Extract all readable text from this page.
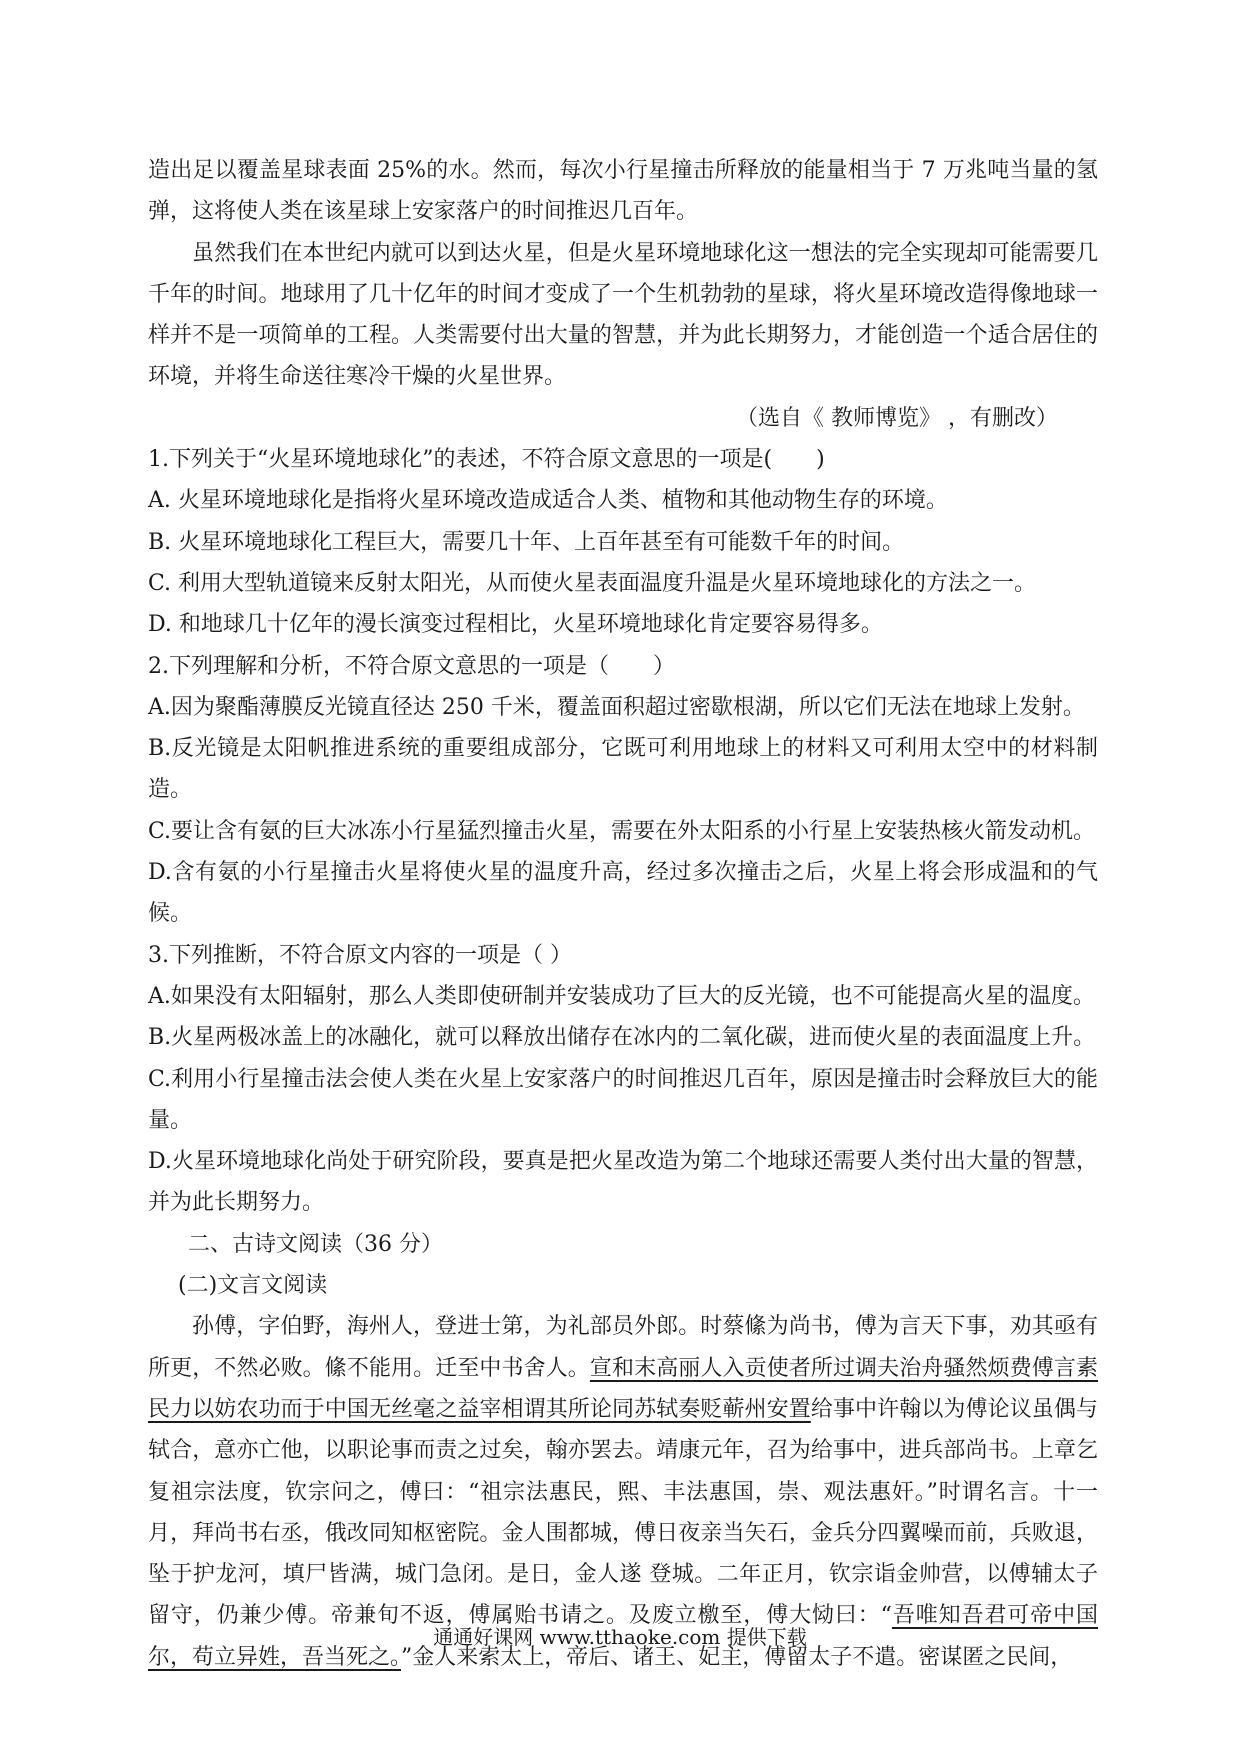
造出足以覆盖星球表面 25%的水。然而，每次小行星撞击所释放的能量相当于 7 万兆吨当量的氢弹，这将使人类在该星球上安家落户的时间推迟几百年。

虽然我们在本世纪内就可以到达火星，但是火星环境地球化这一想法的完全实现却可能需要几千年的时间。地球用了几十亿年的时间才变成了一个生机勃勃的星球，将火星环境改造得像地球一样并不是一项简单的工程。人类需要付出大量的智慧，并为此长期努力，才能创造一个适合居住的环境，并将生命送往寒冷干燥的火星世界。

（选自《 教师博览》 ，有删改）

1.下列关于“火星环境地球化”的表述，不符合原文意思的一项是(　　)

A. 火星环境地球化是指将火星环境改造成适合人类、植物和其他动物生存的环境。

B. 火星环境地球化工程巨大，需要几十年、上百年甚至有可能数千年的时间。

C. 利用大型轨道镜来反射太阳光，从而使火星表面温度升温是火星环境地球化的方法之一。

D. 和地球几十亿年的漫长演变过程相比，火星环境地球化肯定要容易得多。

2.下列理解和分析，不符合原文意思的一项是（　　）

A.因为聚酯薄膜反光镜直径达 250 千米，覆盖面积超过密歇根湖，所以它们无法在地球上发射。

B.反光镜是太阳帆推进系统的重要组成部分，它既可利用地球上的材料又可利用太空中的材料制造。

C.要让含有氨的巨大冰冻小行星猛烈撞击火星，需要在外太阳系的小行星上安装热核火箭发动机。

D.含有氨的小行星撞击火星将使火星的温度升高，经过多次撞击之后，火星上将会形成温和的气候。

3.下列推断，不符合原文内容的一项是（ ）

A.如果没有太阳辐射，那么人类即使研制并安装成功了巨大的反光镜，也不可能提高火星的温度。

B.火星两极冰盖上的冰融化，就可以释放出储存在冰内的二氧化碳，进而使火星的表面温度上升。

C.利用小行星撞击法会使人类在火星上安家落户的时间推迟几百年，原因是撞击时会释放巨大的能量。

D.火星环境地球化尚处于研究阶段，要真是把火星改造为第二个地球还需要人类付出大量的智慧，并为此长期努力。

二、古诗文阅读（36 分）

(二)文言文阅读

孙傅，字伯野，海州人，登进士第，为礼部员外郎。时蔡絛为尚书，傅为言天下事，劝其亟有所更，不然必败。絛不能用。迁至中书舍人。宣和末高丽人入贡使者所过调夫治舟骚然烦费傅言素民力以妨农功而于中国无丝毫之益宰相谓其所论同苏轼奏贬蕲州安置给事中许翰以为傅论议虽偶与轼合，意亦亡他，以职论事而责之过矣，翰亦罢去。靖康元年，召为给事中，进兵部尚书。上章乞复祖宗法度，钦宗问之，傅曰：“祖宗法惠民，熙、丰法惠国，崇、观法惠奸。”时谓名言。十一月，拜尚书右丞，俄改同知枢密院。金人围都城，傅日夜亲当矢石，金兵分四翼噪而前，兵败退，坠于护龙河，填尸皆满，城门急闭。是日，金人遂 登城。二年正月，钦宗诣金帅营，以傅辅太子留守，仍兼少傅。帝兼旬不返，傅属贻书请之。及废立檄至，傅大恸曰：“吾唯知吾君可帝中国尔，苟立异姓，吾当死之。”金人来索太上，帝后、诸王、妃主，傅留太子不遣。密谋匿之民间，

通通好课网 www.tthaoke.com 提供下载
